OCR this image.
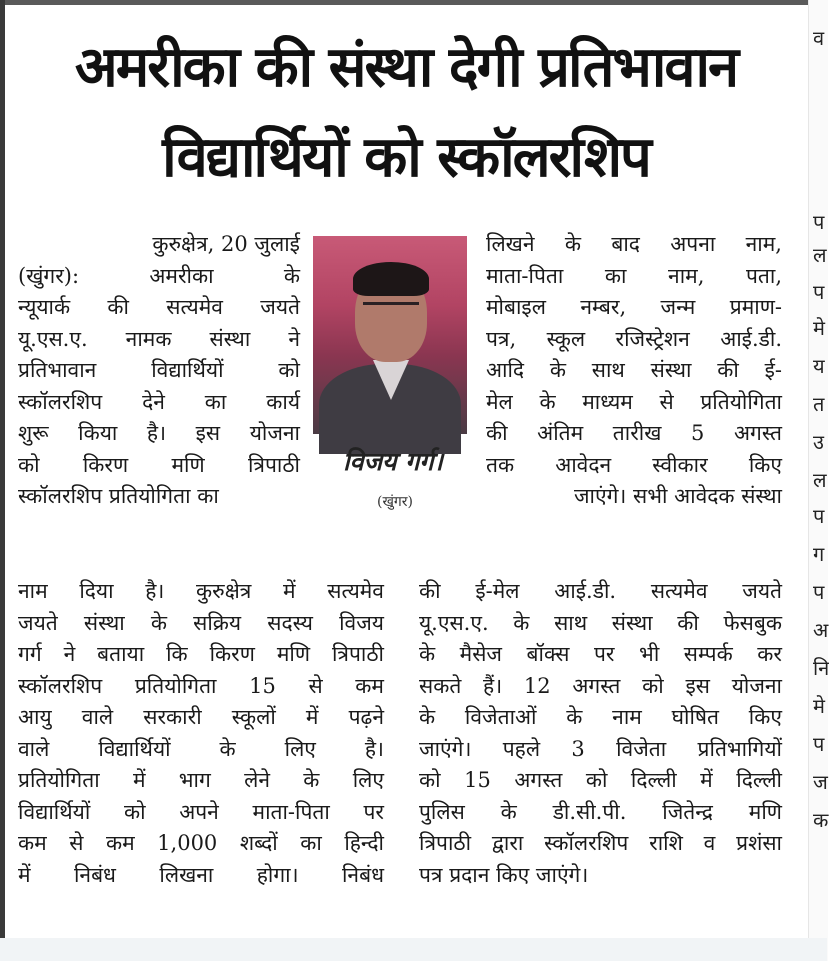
अमरीका की संस्था देगी प्रतिभावान
विद्यार्थियों को स्कॉलरशिप
कुरुक्षेत्र, 20 जुलाई
(खुंगर): अमरीका के
न्यूयार्क की सत्यमेव जयते
यू.एस.ए. नामक संस्था ने
प्रतिभावान विद्यार्थियों को
स्कॉलरशिप देने का कार्य
शुरू किया है। इस योजना
को किरण मणि त्रिपाठी
स्कॉलरशिप प्रतियोगिता का
नाम दिया है। कुरुक्षेत्र में सत्यमेव
जयते संस्था के सक्रिय सदस्य विजय
गर्ग ने बताया कि किरण मणि त्रिपाठी
स्कॉलरशिप प्रतियोगिता 15 से कम
आयु वाले सरकारी स्कूलों में पढ़ने
वाले विद्यार्थियों के लिए है।
प्रतियोगिता में भाग लेने के लिए
विद्यार्थियों को अपने माता-पिता पर
कम से कम 1,000 शब्दों का हिन्दी
में निबंध लिखना होगा। निबंध
लिखने के बाद अपना नाम,
माता-पिता का नाम, पता,
मोबाइल नम्बर, जन्म प्रमाण-
पत्र, स्कूल रजिस्ट्रेशन आई.डी.
आदि के साथ संस्था की ई-
मेल के माध्यम से प्रतियोगिता
की अंतिम तारीख 5 अगस्त
तक आवेदन स्वीकार किए
जाएंगे। सभी आवेदक संस्था
की ई-मेल आई.डी. सत्यमेव जयते
यू.एस.ए. के साथ संस्था की फेसबुक
के मैसेज बॉक्स पर भी सम्पर्क कर
सकते हैं। 12 अगस्त को इस योजना
के विजेताओं के नाम घोषित किए
जाएंगे। पहले 3 विजेता प्रतिभागियों
को 15 अगस्त को दिल्ली में दिल्ली
पुलिस के डी.सी.पी. जितेन्द्र मणि
त्रिपाठी द्वारा स्कॉलरशिप राशि व प्रशंसा
पत्र प्रदान किए जाएंगे।
विजय गर्ग।
(खुंगर)
व
प
ल
प
मे
य
त
उ
ल
प
ग
प
अ
नि
मे
प
ज
क
